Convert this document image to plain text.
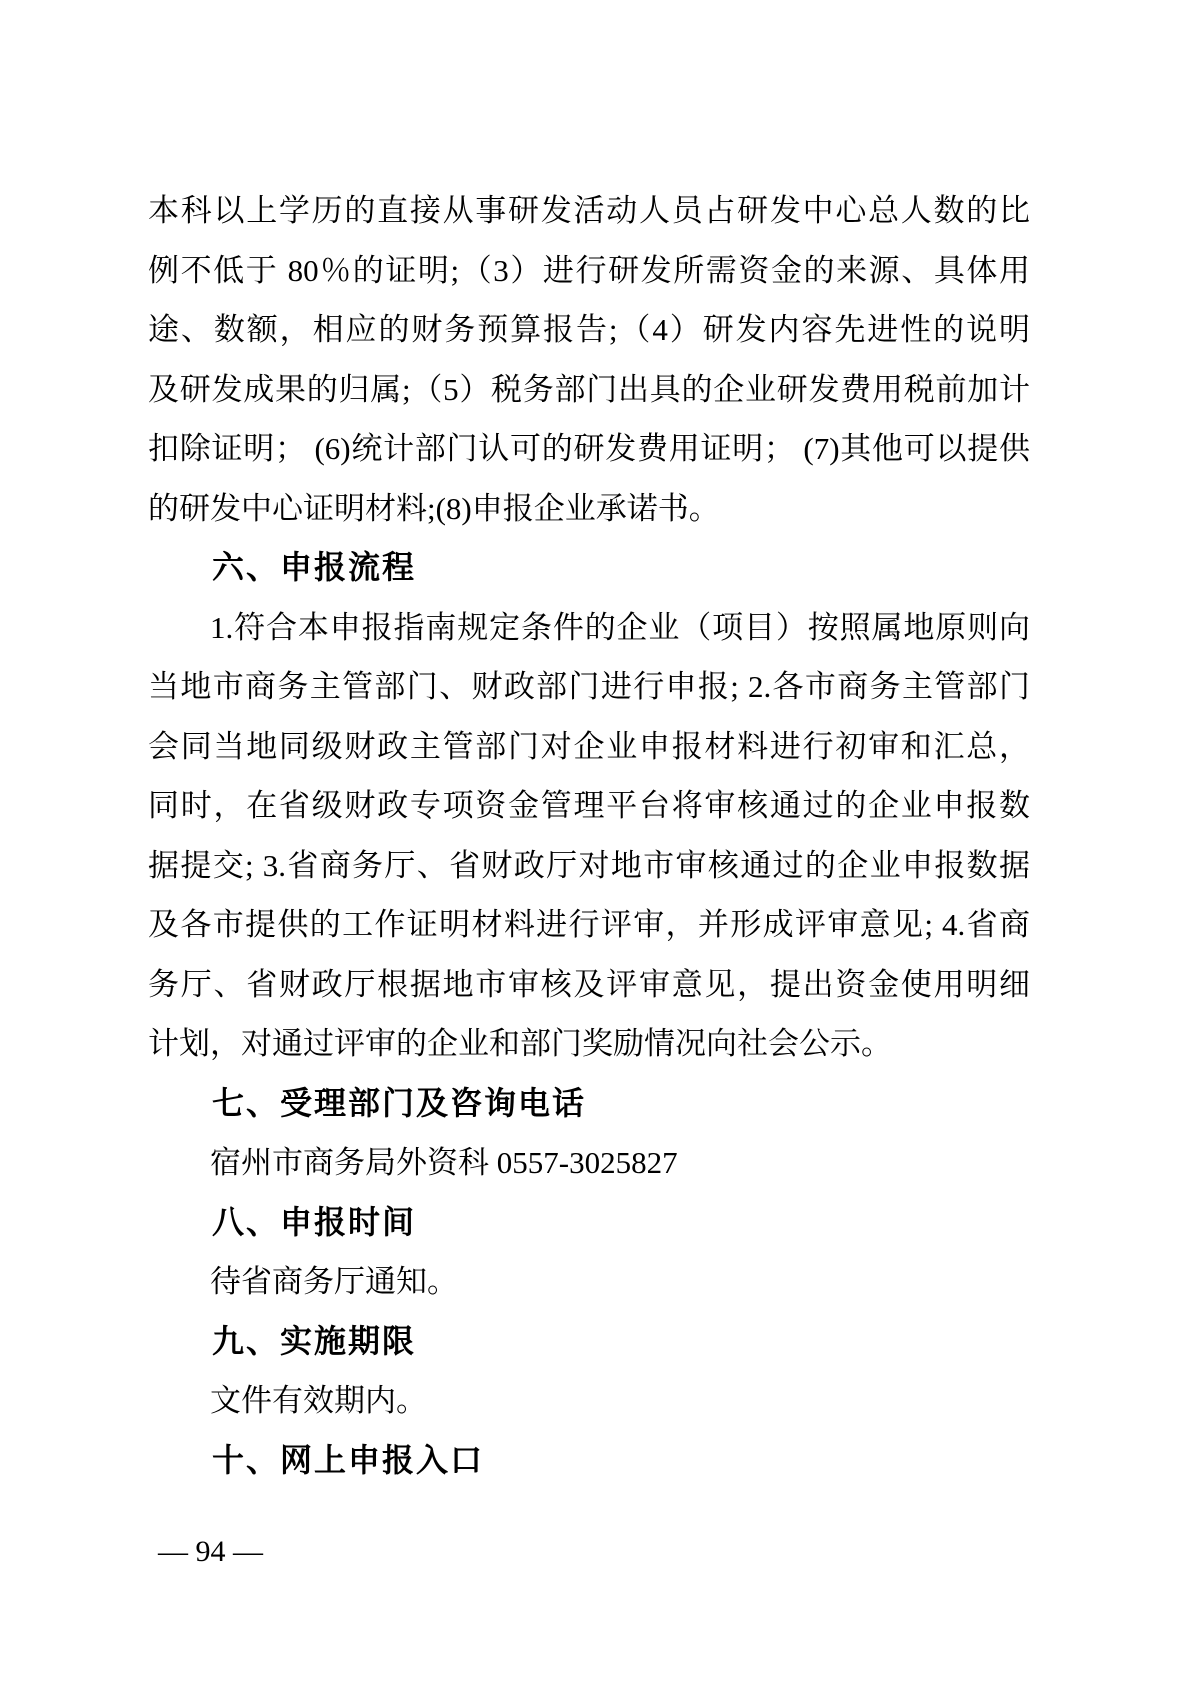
本科以上学历的直接从事研发活动人员占研发中心总人数的比
例不低于 80％的证明;（3）进行研发所需资金的来源、具体用
途、数额，相应的财务预算报告;（4）研发内容先进性的说明
及研发成果的归属;（5）税务部门出具的企业研发费用税前加计
扣除证明； (6)统计部门认可的研发费用证明； (7)其他可以提供
的研发中心证明材料;(8)申报企业承诺书。
六、申报流程
1.符合本申报指南规定条件的企业（项目）按照属地原则向
当地市商务主管部门、财政部门进行申报; 2.各市商务主管部门
会同当地同级财政主管部门对企业申报材料进行初审和汇总，
同时，在省级财政专项资金管理平台将审核通过的企业申报数
据提交; 3.省商务厅、省财政厅对地市审核通过的企业申报数据
及各市提供的工作证明材料进行评审，并形成评审意见; 4.省商
务厅、省财政厅根据地市审核及评审意见，提出资金使用明细
计划，对通过评审的企业和部门奖励情况向社会公示。
七、受理部门及咨询电话
宿州市商务局外资科 0557-3025827
八、申报时间
待省商务厅通知。
九、实施期限
文件有效期内。
十、网上申报入口
— 94 —
